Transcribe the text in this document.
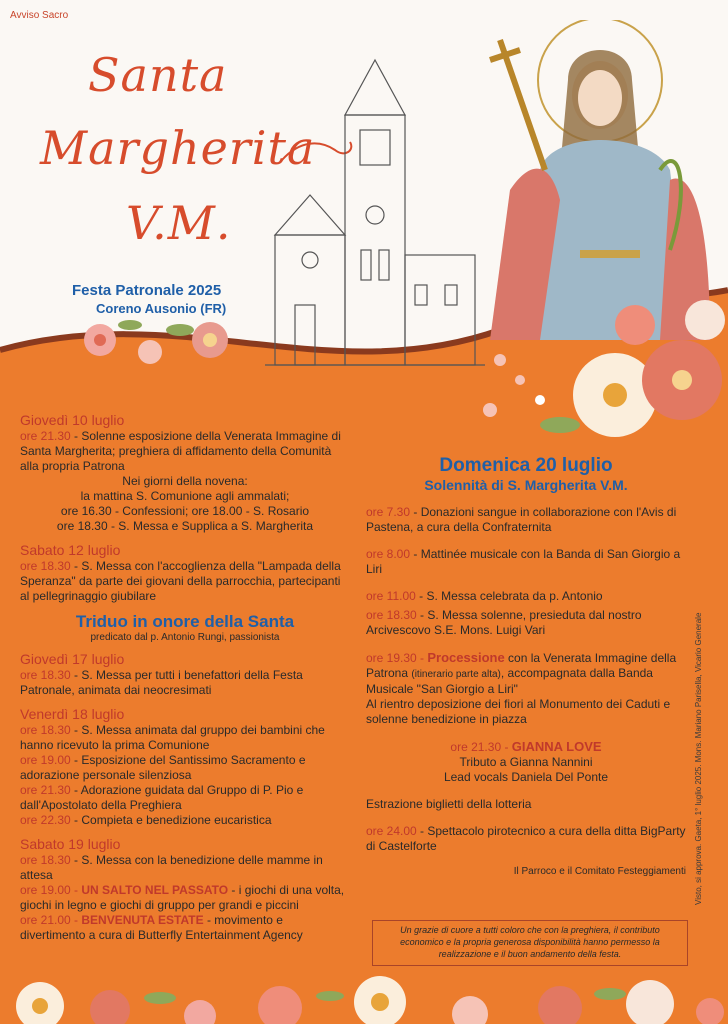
Avviso Sacro
Santa
Margherita
V.M.
Festa Patronale 2025
Coreno Ausonio (FR)
Giovedì 10 luglio
ore 21.30 - Solenne esposizione della Venerata Immagine di Santa Margherita; preghiera di affidamento della Comunità alla propria Patrona
Nei giorni della novena:
la mattina S. Comunione agli ammalati;
ore 16.30 - Confessioni; ore 18.00 - S. Rosario
ore 18.30 - S. Messa e Supplica a S. Margherita
Sabato 12 luglio
ore 18.30 - S. Messa con l'accoglienza della "Lampada della Speranza" da parte dei giovani della parrocchia, partecipanti al pellegrinaggio giubilare
Triduo in onore della Santa
predicato dal p. Antonio Rungi, passionista
Giovedì 17 luglio
ore 18.30 - S. Messa per tutti i benefattori della Festa Patronale, animata dai neocresimati
Venerdì 18 luglio
ore 18.30 - S. Messa animata dal gruppo dei bambini che hanno ricevuto la prima Comunione
ore 19.00 - Esposizione del Santissimo Sacramento e adorazione personale silenziosa
ore 21.30 - Adorazione guidata dal Gruppo di P. Pio e dall'Apostolato della Preghiera
ore 22.30 - Compieta e benedizione eucaristica
Sabato 19 luglio
ore 18.30 - S. Messa con la benedizione delle mamme in attesa
ore 19.00 - UN SALTO NEL PASSATO - i giochi di una volta, giochi in legno e giochi di gruppo per grandi e piccini
ore 21.00 - BENVENUTA ESTATE - movimento e divertimento a cura di Butterfly Entertainment Agency
Domenica 20 luglio
Solennità di S. Margherita V.M.
ore 7.30 - Donazioni sangue in collaborazione con l'Avis di Pastena, a cura della Confraternita
ore 8.00 - Mattinée musicale con la Banda di San Giorgio a Liri
ore 11.00 - S. Messa celebrata da p. Antonio
ore 18.30 - S. Messa solenne, presieduta dal nostro Arcivescovo S.E. Mons. Luigi Vari
ore 19.30 - Processione con la Venerata Immagine della Patrona (itinerario parte alta), accompagnata dalla Banda Musicale "San Giorgio a Liri"
Al rientro deposizione dei fiori al Monumento dei Caduti e solenne benedizione in piazza
ore 21.30 - GIANNA LOVE
Tributo a Gianna Nannini
Lead vocals Daniela Del Ponte
Estrazione biglietti della lotteria
ore 24.00 - Spettacolo pirotecnico a cura della ditta BigParty di Castelforte
Il Parroco e il Comitato Festeggiamenti
Un grazie di cuore a tutti coloro che con la preghiera, il contributo economico e la propria generosa disponibilità hanno permesso la realizzazione e il buon andamento della festa.
Visto, si approva. Gaeta, 1° luglio 2025. Mons. Mariano Parisella, Vicario Generale
